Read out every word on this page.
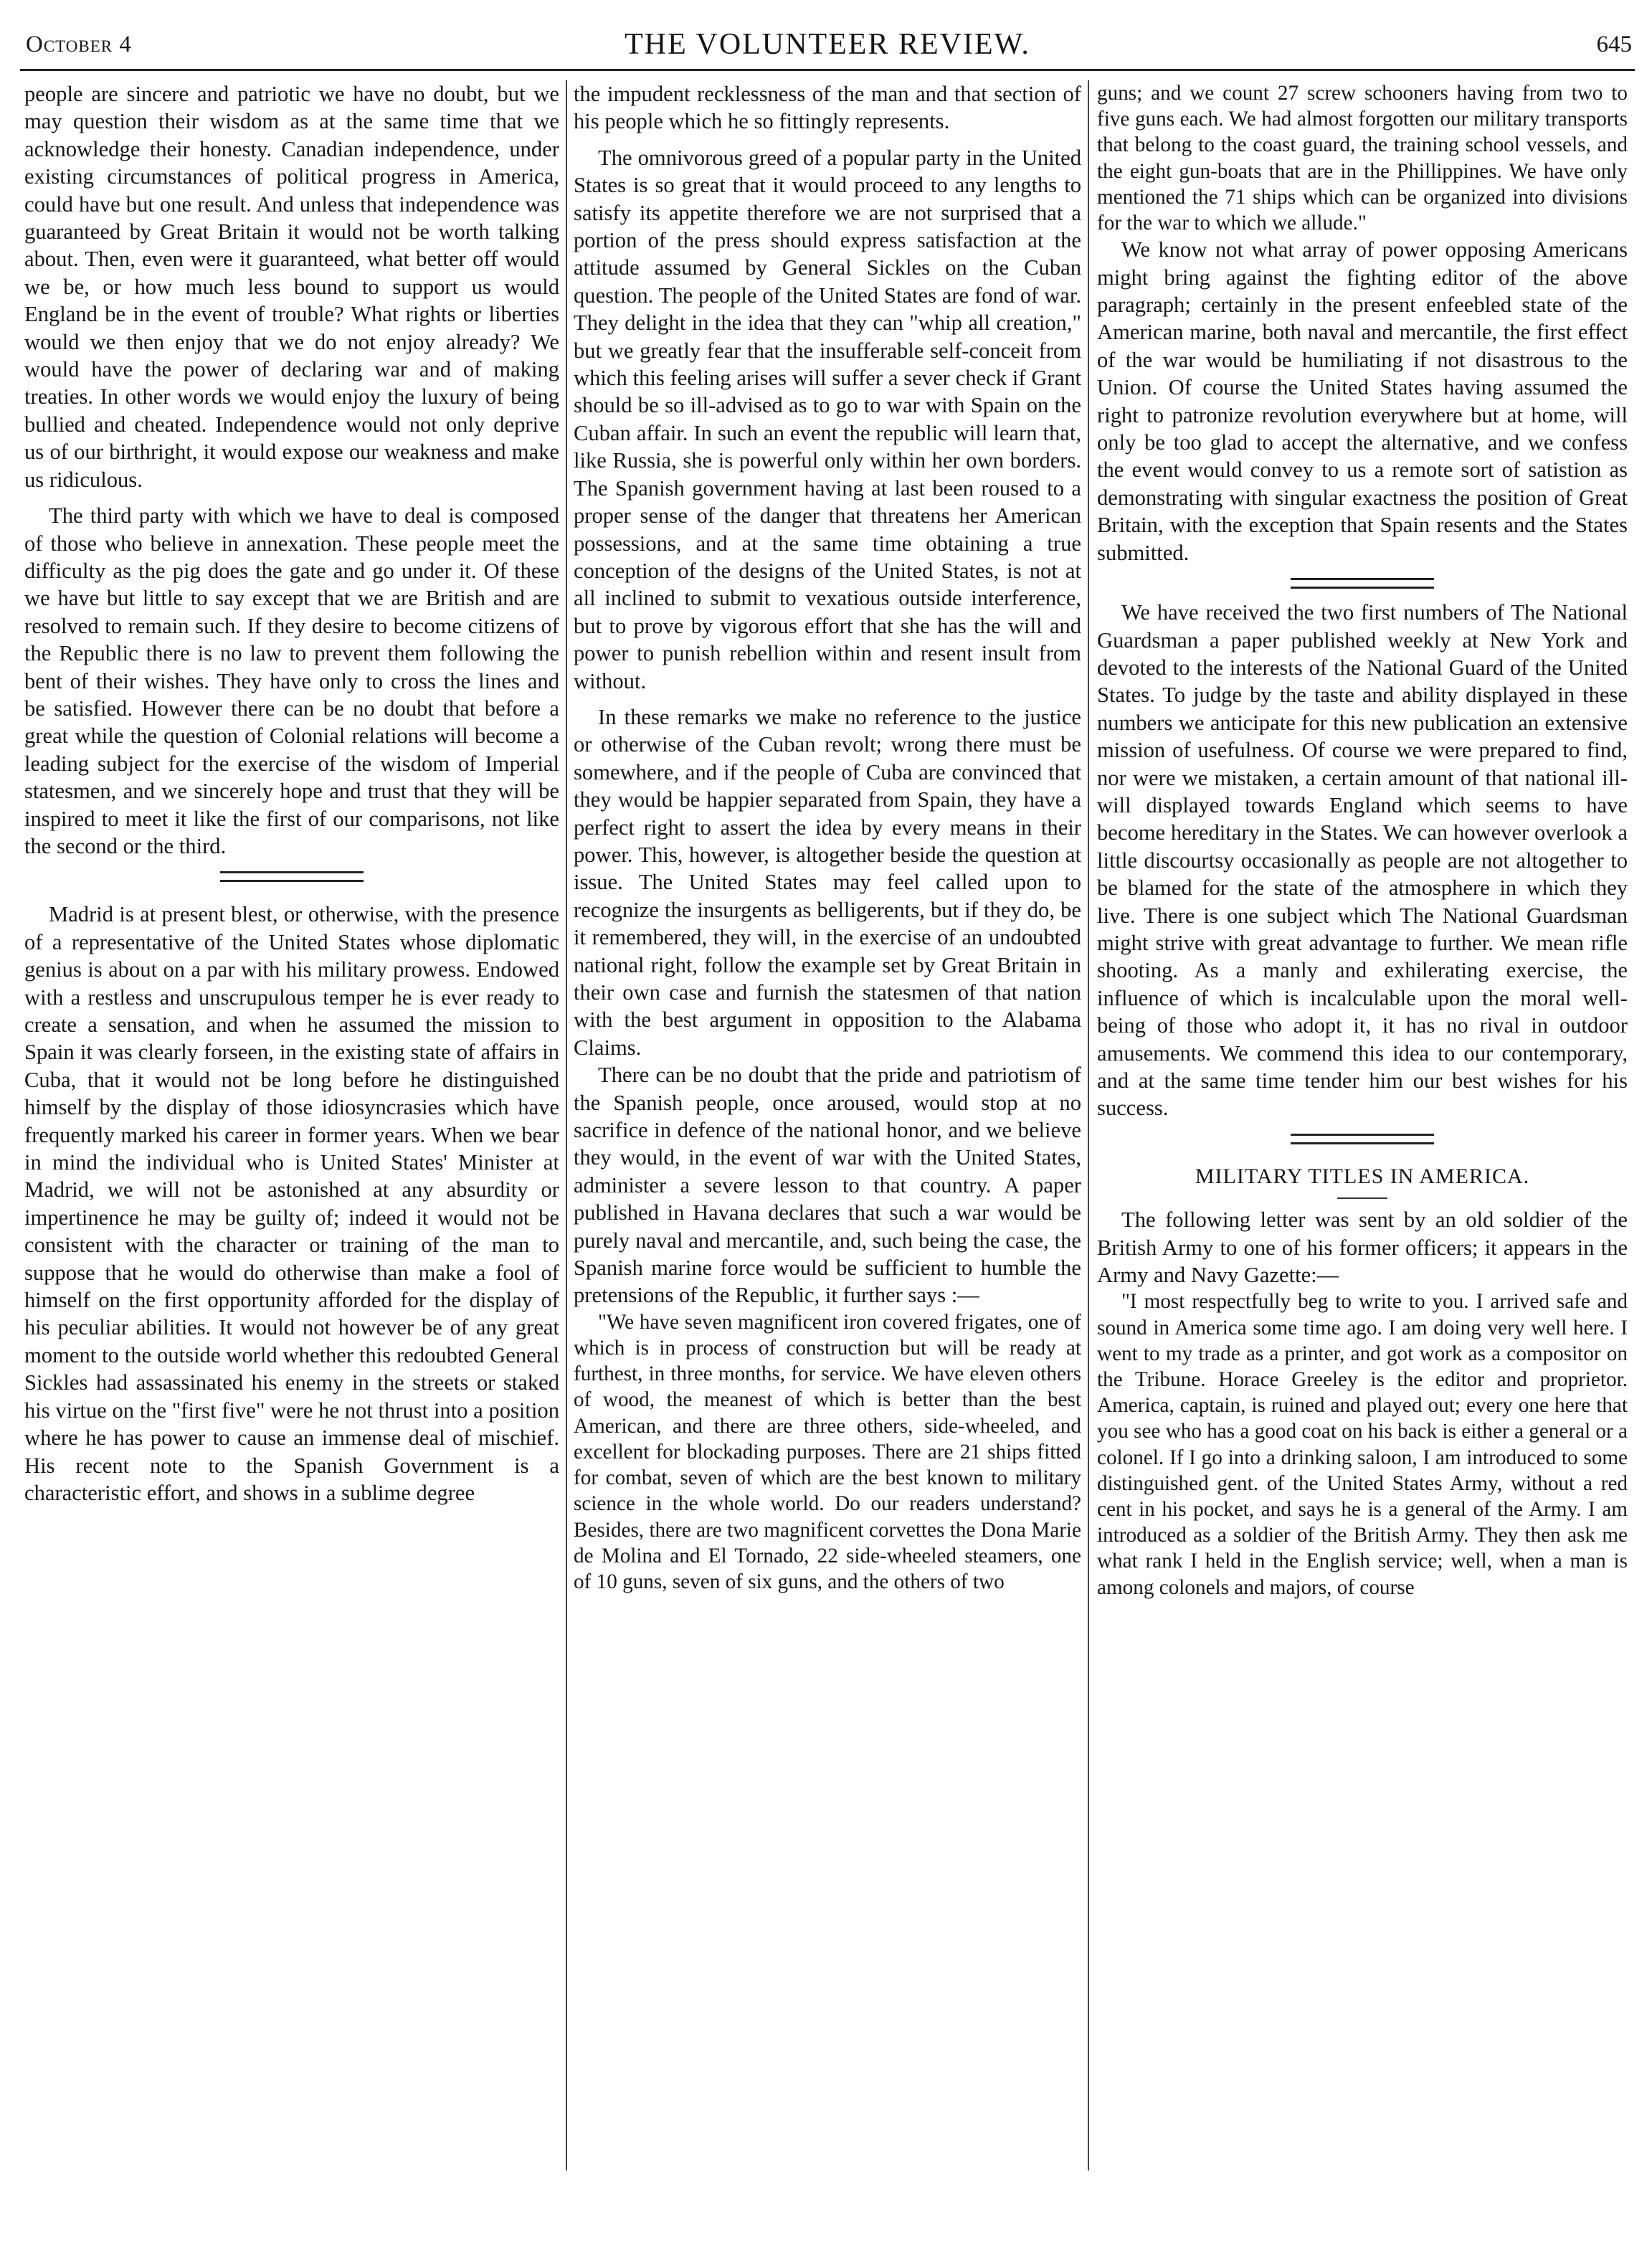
October 4	THE VOLUNTEER REVIEW.	645

people are sincere and patriotic we have no doubt, but we may question their wisdom as at the same time that we acknowledge their honesty. Canadian independence, under existing circumstances of political progress in America, could have but one result. And unless that independence was guaranteed by Great Britain it would not be worth talking about. Then, even were it guaranteed, what better off would we be, or how much less bound to support us would England be in the event of trouble? What rights or liberties would we then enjoy that we do not enjoy already? We would have the power of declaring war and of making treaties. In other words we would enjoy the luxury of being bullied and cheated. Independence would not only deprive us of our birthright, it would expose our weakness and make us ridiculous.

The third party with which we have to deal is composed of those who believe in annexation. These people meet the difficulty as the pig does the gate and go under it. Of these we have but little to say except that we are British and are resolved to remain such. If they desire to become citizens of the Republic there is no law to prevent them following the bent of their wishes. They have only to cross the lines and be satisfied. However there can be no doubt that before a great while the question of Colonial relations will become a leading subject for the exercise of the wisdom of Imperial statesmen, and we sincerely hope and trust that they will be inspired to meet it like the first of our comparisons, not like the second or the third.

Madrid is at present blest, or otherwise, with the presence of a representative of the United States whose diplomatic genius is about on a par with his military prowess. Endowed with a restless and unscrupulous temper he is ever ready to create a sensation, and when he assumed the mission to Spain it was clearly forseen, in the existing state of affairs in Cuba, that it would not be long before he distinguished himself by the display of those idiosyncrasies which have frequently marked his career in former years. When we bear in mind the individual who is United States' Minister at Madrid, we will not be astonished at any absurdity or impertinence he may be guilty of; indeed it would not be consistent with the character or training of the man to suppose that he would do otherwise than make a fool of himself on the first opportunity afforded for the display of his peculiar abilities. It would not however be of any great moment to the outside world whether this redoubted General Sickles had assassinated his enemy in the streets or staked his virtue on the "first five" were he not thrust into a position where he has power to cause an immense deal of mischief. His recent note to the Spanish Government is a characteristic effort, and shows in a sublime degree

the impudent recklessness of the man and that section of his people which he so fittingly represents.

The omnivorous greed of a popular party in the United States is so great that it would proceed to any lengths to satisfy its appetite therefore we are not surprised that a portion of the press should express satisfaction at the attitude assumed by General Sickles on the Cuban question. The people of the United States are fond of war. They delight in the idea that they can "whip all creation," but we greatly fear that the insufferable self-conceit from which this feeling arises will suffer a sever check if Grant should be so ill-advised as to go to war with Spain on the Cuban affair. In such an event the republic will learn that, like Russia, she is powerful only within her own borders. The Spanish government having at last been roused to a proper sense of the danger that threatens her American possessions, and at the same time obtaining a true conception of the designs of the United States, is not at all inclined to submit to vexatious outside interference, but to prove by vigorous effort that she has the will and power to punish rebellion within and resent insult from without.

In these remarks we make no reference to the justice or otherwise of the Cuban revolt; wrong there must be somewhere, and if the people of Cuba are convinced that they would be happier separated from Spain, they have a perfect right to assert the idea by every means in their power. This, however, is altogether beside the question at issue. The United States may feel called upon to recognize the insurgents as belligerents, but if they do, be it remembered, they will, in the exercise of an undoubted national right, follow the example set by Great Britain in their own case and furnish the statesmen of that nation with the best argument in opposition to the Alabama Claims.

There can be no doubt that the pride and patriotism of the Spanish people, once aroused, would stop at no sacrifice in defence of the national honor, and we believe they would, in the event of war with the United States, administer a severe lesson to that country. A paper published in Havana declares that such a war would be purely naval and mercantile, and, such being the case, the Spanish marine force would be sufficient to humble the pretensions of the Republic, it further says :—

"We have seven magnificent iron covered frigates, one of which is in process of construction but will be ready at furthest, in three months, for service. We have eleven others of wood, the meanest of which is better than the best American, and there are three others, side-wheeled, and excellent for blockading purposes. There are 21 ships fitted for combat, seven of which are the best known to military science in the whole world. Do our readers understand? Besides, there are two magnificent corvettes the Dona Marie de Molina and El Tornado, 22 side-wheeled steamers, one of 10 guns, seven of six guns, and the others of two

guns; and we count 27 screw schooners having from two to five guns each. We had almost forgotten our military transports that belong to the coast guard, the training school vessels, and the eight gun-boats that are in the Phillippines. We have only mentioned the 71 ships which can be organized into divisions for the war to which we allude."

We know not what array of power opposing Americans might bring against the fighting editor of the above paragraph; certainly in the present enfeebled state of the American marine, both naval and mercantile, the first effect of the war would be humiliating if not disastrous to the Union. Of course the United States having assumed the right to patronize revolution everywhere but at home, will only be too glad to accept the alternative, and we confess the event would convey to us a remote sort of satistion as demonstrating with singular exactness the position of Great Britain, with the exception that Spain resents and the States submitted.

We have received the two first numbers of The National Guardsman a paper published weekly at New York and devoted to the interests of the National Guard of the United States. To judge by the taste and ability displayed in these numbers we anticipate for this new publication an extensive mission of usefulness. Of course we were prepared to find, nor were we mistaken, a certain amount of that national ill-will displayed towards England which seems to have become hereditary in the States. We can however overlook a little discourtsy occasionally as people are not altogether to be blamed for the state of the atmosphere in which they live. There is one subject which The National Guardsman might strive with great advantage to further. We mean rifle shooting. As a manly and exhilerating exercise, the influence of which is incalculable upon the moral well-being of those who adopt it, it has no rival in outdoor amusements. We commend this idea to our contemporary, and at the same time tender him our best wishes for his success.

MILITARY TITLES IN AMERICA.

The following letter was sent by an old soldier of the British Army to one of his former officers; it appears in the Army and Navy Gazette:—

"I most respectfully beg to write to you. I arrived safe and sound in America some time ago. I am doing very well here. I went to my trade as a printer, and got work as a compositor on the Tribune. Horace Greeley is the editor and proprietor. America, captain, is ruined and played out; every one here that you see who has a good coat on his back is either a general or a colonel. If I go into a drinking saloon, I am introduced to some distinguished gent. of the United States Army, without a red cent in his pocket, and says he is a general of the Army. I am introduced as a soldier of the British Army. They then ask me what rank I held in the English service; well, when a man is among colonels and majors, of course
